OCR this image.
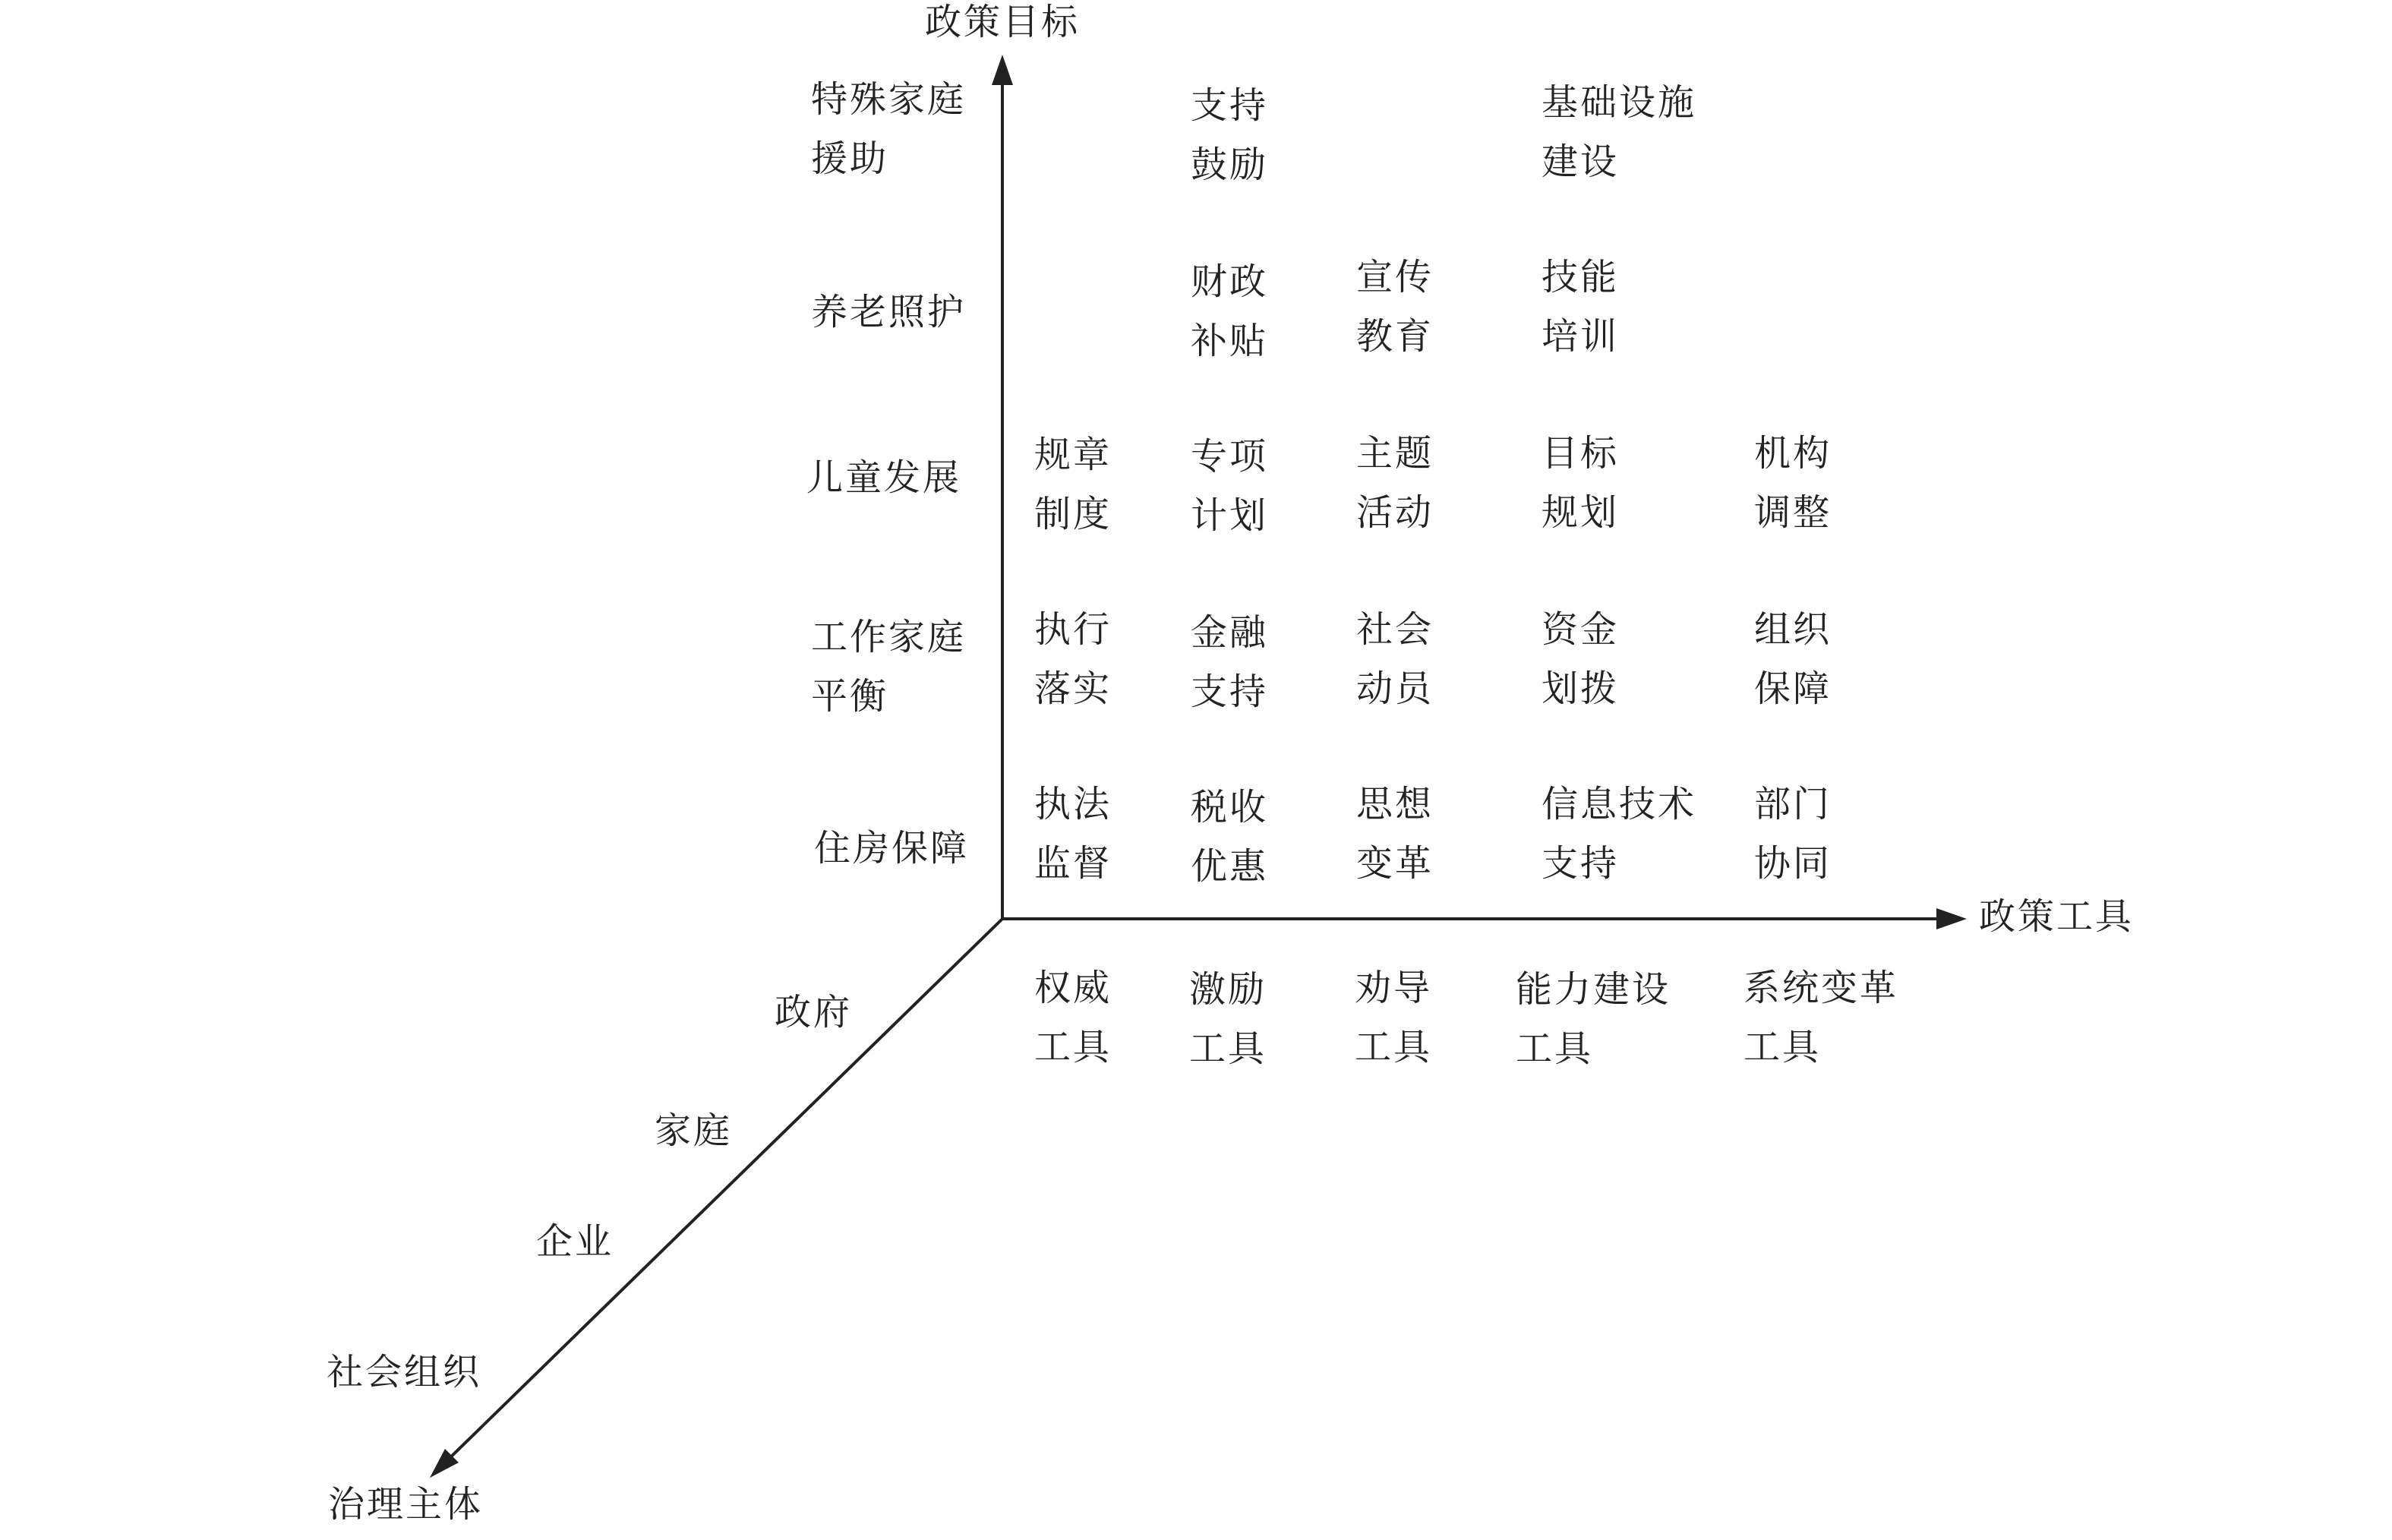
政策目标
政策工具
治理主体
特殊家庭
援助
养老照护
儿童发展
工作家庭
平衡
住房保障
政府
家庭
企业
社会组织
权威
工具
激励
工具
劝导
工具
能力建设
工具
系统变革
工具
执法
监督
税收
优惠
思想
变革
信息技术
支持
部门
协同
执行
落实
金融
支持
社会
动员
资金
划拨
组织
保障
规章
制度
专项
计划
主题
活动
目标
规划
机构
调整
财政
补贴
宣传
教育
技能
培训
支持
鼓励
基础设施
建设
